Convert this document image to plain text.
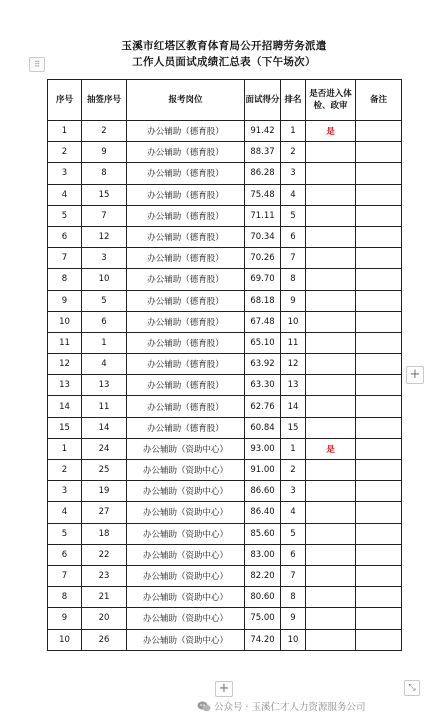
玉溪市红塔区教育体育局公开招聘劳务派遣
工作人员面试成绩汇总表（下午场次）
⠿
序号	抽签序号	报考岗位	面试得分	排名	是否进入体检、政审	备注
1	2	办公辅助（德育股）	91.42	1	是	
2	9	办公辅助（德育股）	88.37	2		
3	8	办公辅助（德育股）	86.28	3		
4	15	办公辅助（德育股）	75.48	4		
5	7	办公辅助（德育股）	71.11	5		
6	12	办公辅助（德育股）	70.34	6		
7	3	办公辅助（德育股）	70.26	7		
8	10	办公辅助（德育股）	69.70	8		
9	5	办公辅助（德育股）	68.18	9		
10	6	办公辅助（德育股）	67.48	10		
11	1	办公辅助（德育股）	65.10	11		
12	4	办公辅助（德育股）	63.92	12		
13	13	办公辅助（德育股）	63.30	13		
14	11	办公辅助（德育股）	62.76	14		
15	14	办公辅助（德育股）	60.84	15		
1	24	办公辅助（资助中心）	93.00	1	是	
2	25	办公辅助（资助中心）	91.00	2		
3	19	办公辅助（资助中心）	86.60	3		
4	27	办公辅助（资助中心）	86.40	4		
5	18	办公辅助（资助中心）	85.60	5		
6	22	办公辅助（资助中心）	83.00	6		
7	23	办公辅助（资助中心）	82.20	7		
8	21	办公辅助（资助中心）	80.60	8		
9	20	办公辅助（资助中心）	75.00	9		
10	26	办公辅助（资助中心）	74.20	10		
+
+	⤡
公众号 · 玉溪仁才人力资源服务公司
